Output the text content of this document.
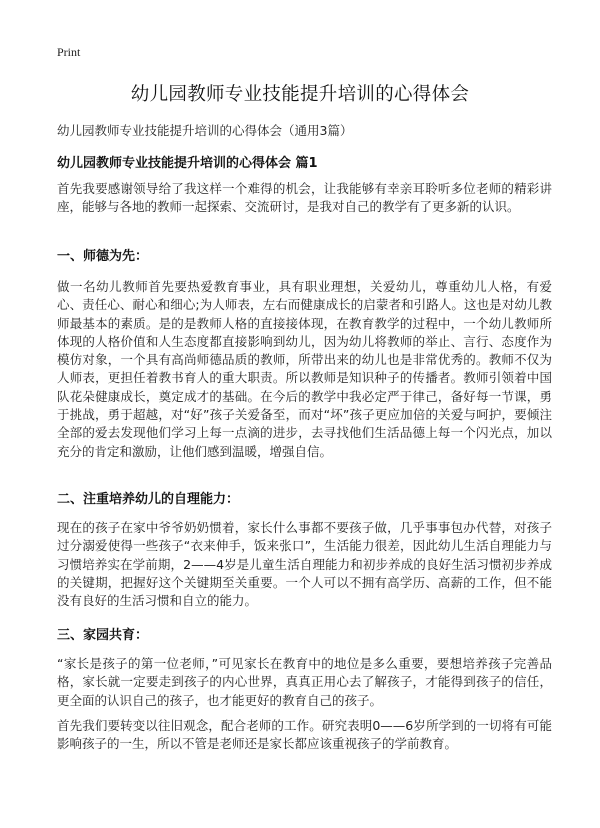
Print
幼儿园教师专业技能提升培训的心得体会
幼儿园教师专业技能提升培训的心得体会（通用3篇）
幼儿园教师专业技能提升培训的心得体会 篇1
首先我要感谢领导给了我这样一个难得的机会，让我能够有幸亲耳聆听多位老师的精彩讲座，能够与各地的教师一起探索、交流研讨，是我对自己的教学有了更多新的认识。
一、师德为先：
做一名幼儿教师首先要热爱教育事业，具有职业理想，关爱幼儿，尊重幼儿人格，有爱心、责任心、耐心和细心;为人师表，左右而健康成长的启蒙者和引路人。这也是对幼儿教师最基本的素质。是的是教师人格的直接接体现，在教育教学的过程中，一个幼儿教师所体现的人格价值和人生态度都直接影响到幼儿，因为幼儿将教师的举止、言行、态度作为模仿对象，一个具有高尚师德品质的教师，所带出来的幼儿也是非常优秀的。教师不仅为人师表，更担任着教书育人的重大职责。所以教师是知识种子的传播者。教师引领着中国队花朵健康成长，奠定成才的基础。在今后的教学中我必定严于律己，备好每一节课，勇于挑战，勇于超越，对“好”孩子关爱备至，而对“坏”孩子更应加倍的关爱与呵护，要倾注全部的爱去发现他们学习上每一点滴的进步，去寻找他们生活品德上每一个闪光点，加以充分的肯定和激励，让他们感到温暖，增强自信。
二、注重培养幼儿的自理能力：
现在的孩子在家中爷爷奶奶惯着，家长什么事都不要孩子做，几乎事事包办代替，对孩子过分溺爱使得一些孩子“衣来伸手，饭来张口”，生活能力很差，因此幼儿生活自理能力与习惯培养实在学前期，2——4岁是儿童生活自理能力和初步养成的良好生活习惯初步养成的关键期，把握好这个关键期至关重要。一个人可以不拥有高学历、高薪的工作，但不能没有良好的生活习惯和自立的能力。
三、家园共育：
“家长是孩子的第一位老师，”可见家长在教育中的地位是多么重要，要想培养孩子完善品格，家长就一定要走到孩子的内心世界，真真正用心去了解孩子，才能得到孩子的信任，更全面的认识自己的孩子，也才能更好的教育自己的孩子。
首先我们要转变以往旧观念，配合老师的工作。研究表明0——6岁所学到的一切将有可能影响孩子的一生，所以不管是老师还是家长都应该重视孩子的学前教育。
